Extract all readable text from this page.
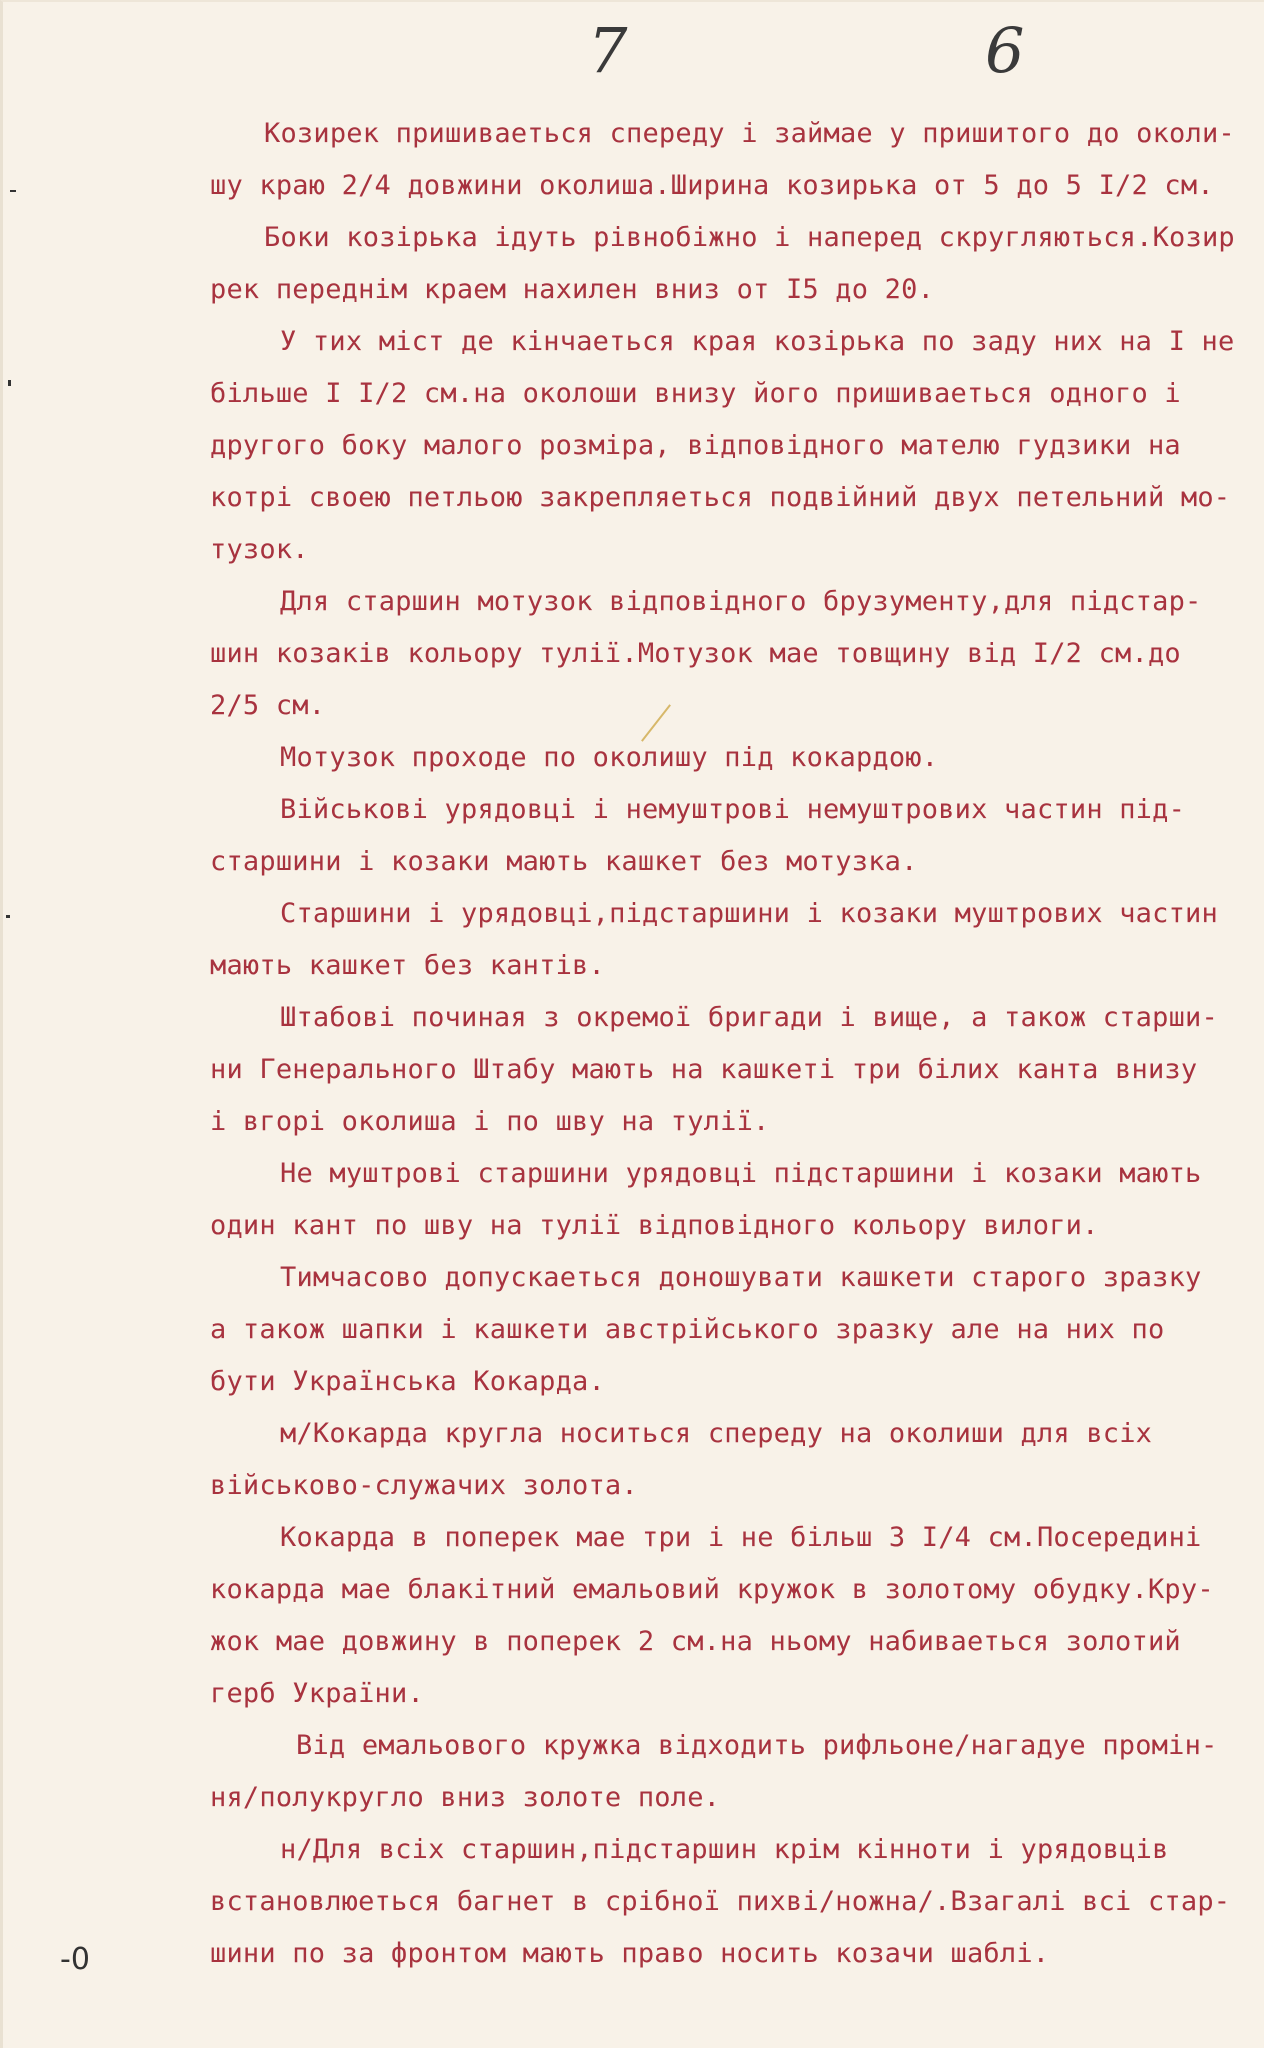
7	6
-0
Козирек пришиваеться спереду і займае у пришитого до околи-
шу краю 2/4 довжини околиша.Ширина козирька от 5 до 5 I/2 см.
Боки козірька ідуть рівнобіжно і наперед скругляються.Козир
рек переднім краем нахилен вниз от I5 до 20.
У тих міст де кінчаеться края козірька по заду них на I не
більше I I/2 см.на околоши внизу його пришиваеться одного і
другого боку малого розміра, відповідного мателю гудзики на
котрі своею петльою закрепляеться подвійний двух петельний мо-
тузок.
Для старшин мотузок відповідного брузументу,для підстар-
шин козаків кольору тулії.Мотузок мае товщину від I/2 см.до
2/5 см.
Мотузок проходе по околишу під кокардою.
Військові урядовці і немуштрові немуштрових частин під-
старшини і козаки мають кашкет без мотузка.
Старшини і урядовці,підстаршини і козаки муштрових частин
мають кашкет без кантів.
Штабові починая з окремої бригади і вище, а також старши-
ни Генерального Штабу мають на кашкеті три білих канта внизу
і вгорі околиша і по шву на тулії.
Не муштрові старшини урядовці підстаршини і козаки мають
один кант по шву на тулії відповідного кольору вилоги.
Тимчасово допускаеться доношувати кашкети старого зразку
а також шапки і кашкети австрійського зразку але на них по
бути Українська Кокарда.
м/Кокарда кругла носиться спереду на околиши для всіх
військово-служачих золота.
Кокарда в поперек мае три і не більш 3 I/4 см.Посередині
кокарда мае блакітний емальовий кружок в золотому обудку.Кру-
жок мае довжину в поперек 2 см.на ньому набиваеться золотий
герб України.
Від емальового кружка відходить рифльоне/нагадуе промін-
ня/полукругло вниз золоте поле.
н/Для всіх старшин,підстаршин крім кінноти і урядовців
встановлюеться багнет в срібної пихві/ножна/.Взагалі всі стар-
шини по за фронтом мають право носить козачи шаблі.
